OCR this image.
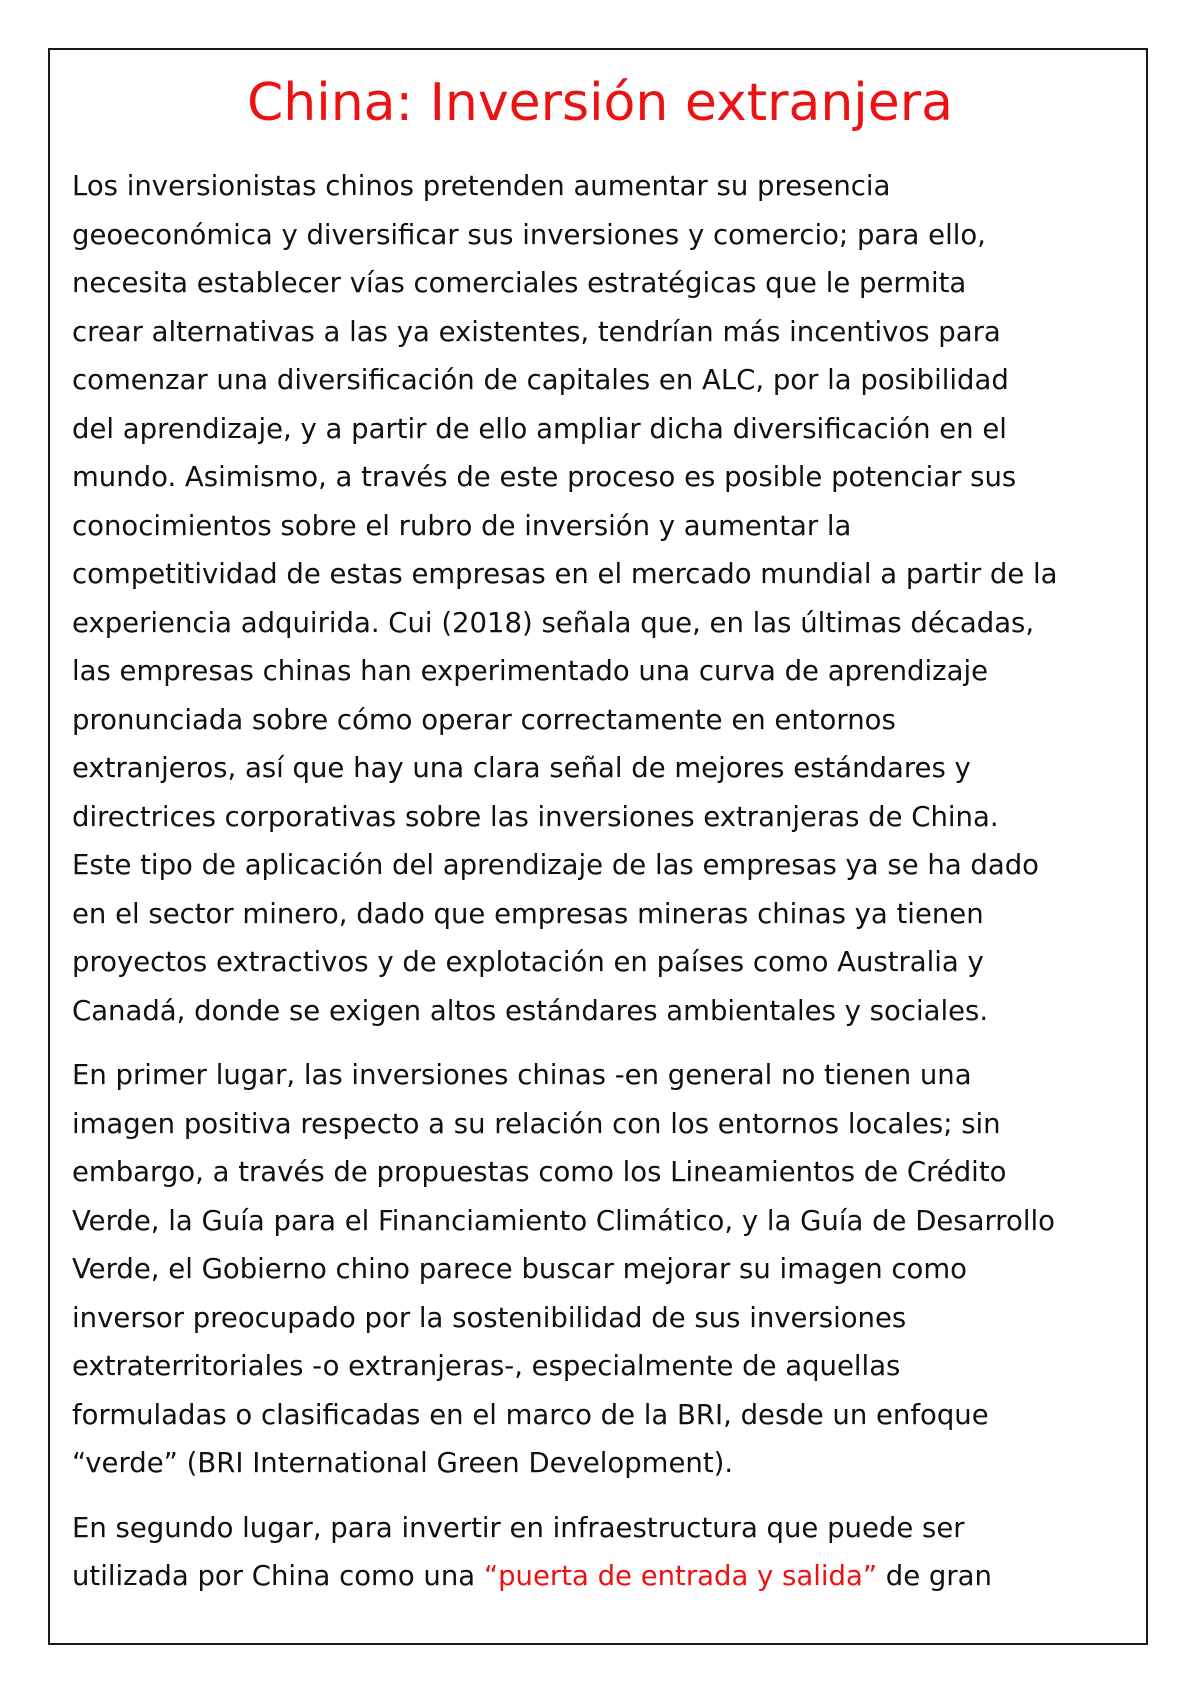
China: Inversión extranjera

Los inversionistas chinos pretenden aumentar su presencia
geoeconómica y diversificar sus inversiones y comercio; para ello,
necesita establecer vías comerciales estratégicas que le permita
crear alternativas a las ya existentes, tendrían más incentivos para
comenzar una diversificación de capitales en ALC, por la posibilidad
del aprendizaje, y a partir de ello ampliar dicha diversificación en el
mundo. Asimismo, a través de este proceso es posible potenciar sus
conocimientos sobre el rubro de inversión y aumentar la
competitividad de estas empresas en el mercado mundial a partir de la
experiencia adquirida. Cui (2018) señala que, en las últimas décadas,
las empresas chinas han experimentado una curva de aprendizaje
pronunciada sobre cómo operar correctamente en entornos
extranjeros, así que hay una clara señal de mejores estándares y
directrices corporativas sobre las inversiones extranjeras de China.
Este tipo de aplicación del aprendizaje de las empresas ya se ha dado
en el sector minero, dado que empresas mineras chinas ya tienen
proyectos extractivos y de explotación en países como Australia y
Canadá, donde se exigen altos estándares ambientales y sociales.

En primer lugar, las inversiones chinas -en general no tienen una
imagen positiva respecto a su relación con los entornos locales; sin
embargo, a través de propuestas como los Lineamientos de Crédito
Verde, la Guía para el Financiamiento Climático, y la Guía de Desarrollo
Verde, el Gobierno chino parece buscar mejorar su imagen como
inversor preocupado por la sostenibilidad de sus inversiones
extraterritoriales -o extranjeras-, especialmente de aquellas
formuladas o clasificadas en el marco de la BRI, desde un enfoque
“verde” (BRI International Green Development).

En segundo lugar, para invertir en infraestructura que puede ser
utilizada por China como una “puerta de entrada y salida” de gran
